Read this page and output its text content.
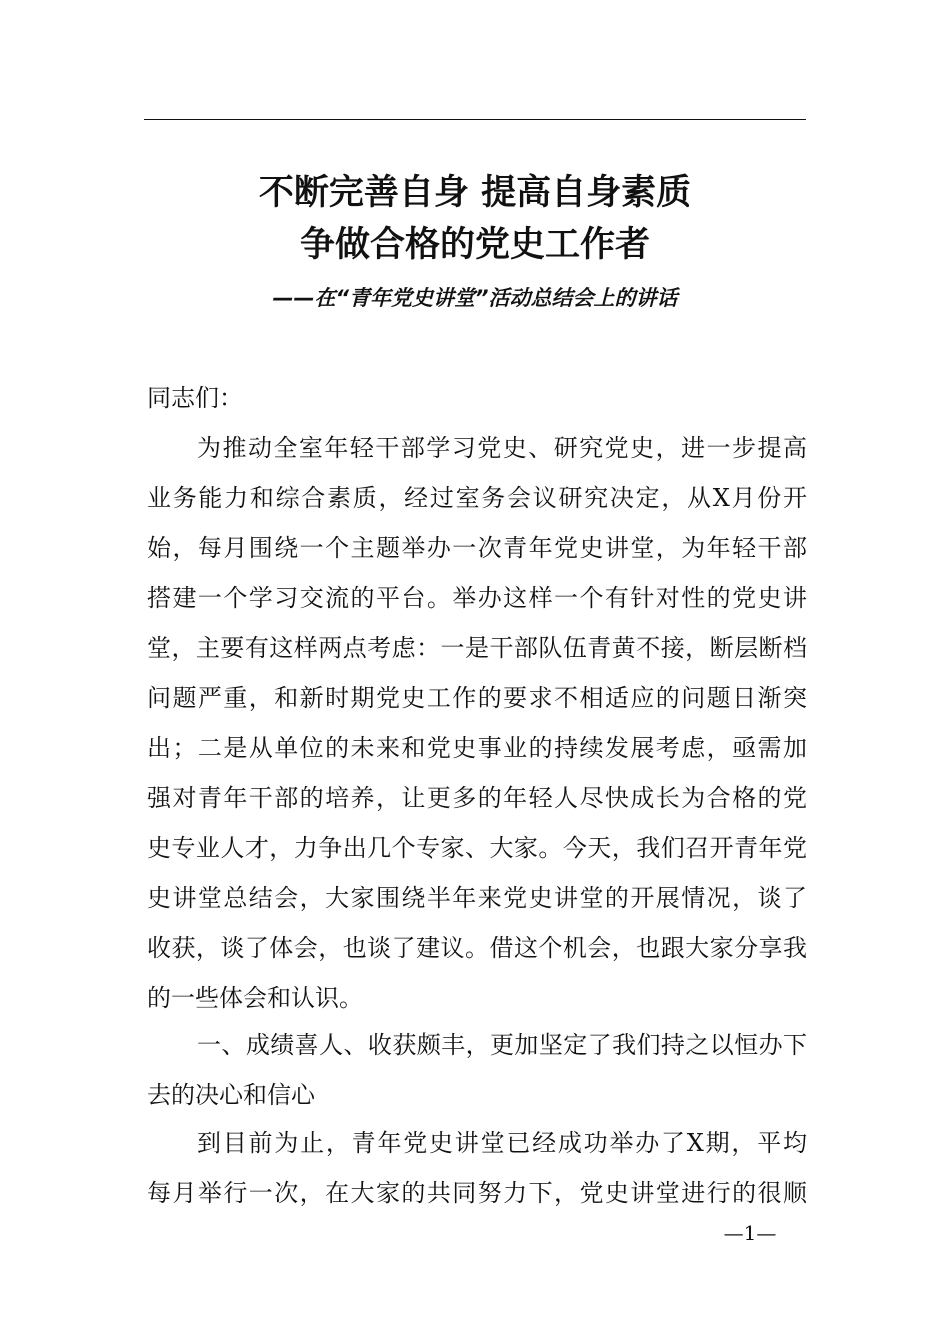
不断完善自身 提高自身素质
争做合格的党史工作者
——在“青年党史讲堂”活动总结会上的讲话
同志们：
为推动全室年轻干部学习党史、研究党史，进一步提高
业务能力和综合素质，经过室务会议研究决定，从X月份开
始，每月围绕一个主题举办一次青年党史讲堂，为年轻干部
搭建一个学习交流的平台。举办这样一个有针对性的党史讲
堂，主要有这样两点考虑：一是干部队伍青黄不接，断层断档
问题严重，和新时期党史工作的要求不相适应的问题日渐突
出；二是从单位的未来和党史事业的持续发展考虑，亟需加
强对青年干部的培养，让更多的年轻人尽快成长为合格的党
史专业人才，力争出几个专家、大家。今天，我们召开青年党
史讲堂总结会，大家围绕半年来党史讲堂的开展情况，谈了
收获，谈了体会，也谈了建议。借这个机会，也跟大家分享我
的一些体会和认识。
一、成绩喜人、收获颇丰，更加坚定了我们持之以恒办下
去的决心和信心
到目前为止，青年党史讲堂已经成功举办了X期，平均
每月举行一次，在大家的共同努力下，党史讲堂进行的很顺
—1—
